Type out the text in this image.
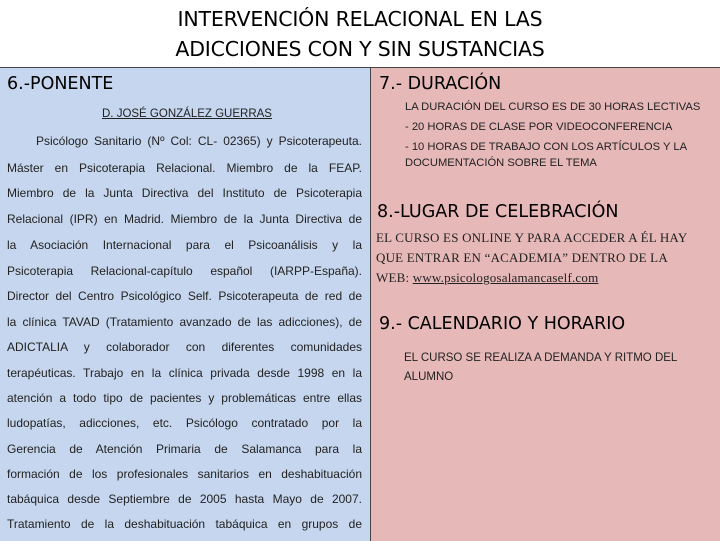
INTERVENCIÓN RELACIONAL EN LAS
ADICCIONES CON Y SIN SUSTANCIAS
6.-PONENTE
D. JOSÉ GONZÁLEZ GUERRAS
Psicólogo Sanitario (Nº Col: CL- 02365) y Psicoterapeuta.
Máster en Psicoterapia Relacional. Miembro de la FEAP.
Miembro de la Junta Directiva del Instituto de Psicoterapia
Relacional (IPR) en Madrid. Miembro de la Junta Directiva de
la Asociación Internacional para el Psicoanálisis y la
Psicoterapia Relacional-capítulo español (IARPP-España).
Director del Centro Psicológico Self. Psicoterapeuta de red de
la clínica TAVAD (Tratamiento avanzado de las adicciones), de
ADICTALIA y colaborador con diferentes comunidades
terapéuticas. Trabajo en la clínica privada desde 1998 en la
atención a todo tipo de pacientes y problemáticas entre ellas
ludopatías, adicciones, etc. Psicólogo contratado por la
Gerencia de Atención Primaria de Salamanca para la
formación de los profesionales sanitarios en deshabituación
tabáquica desde Septiembre de 2005 hasta Mayo de 2007.
Tratamiento de la deshabituación tabáquica en grupos de
7.- DURACIÓN
LA DURACIÓN DEL CURSO ES DE 30 HORAS LECTIVAS
- 20 HORAS DE CLASE POR VIDEOCONFERENCIA
- 10 HORAS DE TRABAJO CON LOS ARTÍCULOS Y LA
DOCUMENTACIÓN SOBRE EL TEMA
8.-LUGAR DE CELEBRACIÓN
EL CURSO ES ONLINE Y PARA ACCEDER A ÉL HAY
QUE ENTRAR EN “ACADEMIA” DENTRO DE LA
WEB: www.psicologosalamancaself.com
9.- CALENDARIO Y HORARIO
EL CURSO SE REALIZA A DEMANDA Y RITMO DEL
ALUMNO
